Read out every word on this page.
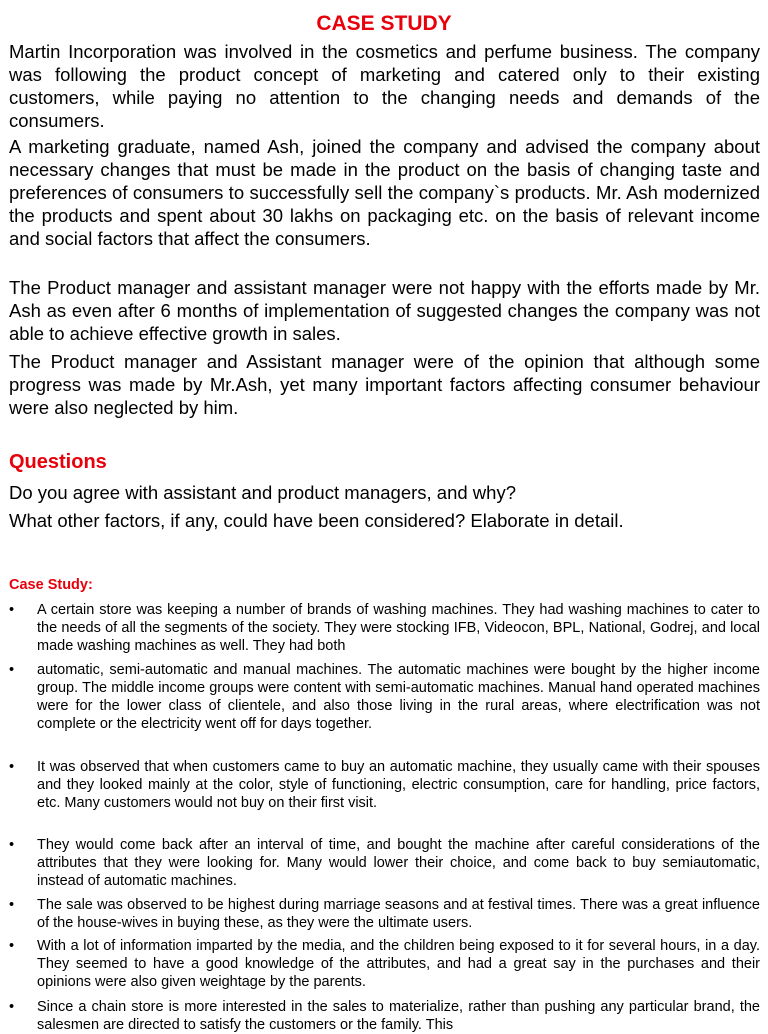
CASE STUDY
Martin Incorporation was involved in the cosmetics and perfume business. The company was following the product concept of marketing and catered only to their existing customers, while paying no attention to the changing needs and demands of the consumers.
A marketing graduate, named Ash, joined the company and advised the company about necessary changes that must be made in the product on the basis of changing taste and preferences of consumers to successfully sell the company`s products. Mr. Ash modernized the products and spent about 30 lakhs on packaging etc. on the basis of relevant income and social factors that affect the consumers.
The Product manager and assistant manager were not happy with the efforts made by Mr. Ash as even after 6 months of implementation of suggested changes the company was not able to achieve effective growth in sales.
The Product manager and Assistant manager were of the opinion that although some progress was made by Mr.Ash, yet many important factors affecting consumer behaviour were also neglected by him.
Questions
Do you agree with assistant and product managers, and why?
What other factors, if any, could have been considered? Elaborate in detail.
Case Study:
•	A certain store was keeping a number of brands of washing machines. They had washing machines to cater to the needs of all the segments of the society. They were stocking IFB, Videocon, BPL, National, Godrej, and local made washing machines as well. They had both
•	automatic, semi-automatic and manual machines. The automatic machines were bought by the higher income group. The middle income groups were content with semi-automatic machines. Manual hand operated machines were for the lower class of clientele, and also those living in the rural areas, where electrification was not complete or the electricity went off for days together.
•	It was observed that when customers came to buy an automatic machine, they usually came with their spouses and they looked mainly at the color, style of functioning, electric consumption, care for handling, price factors, etc. Many customers would not buy on their first visit.
•	They would come back after an interval of time, and bought the machine after careful considerations of the attributes that they were looking for. Many would lower their choice, and come back to buy semiautomatic, instead of automatic machines.
•	The sale was observed to be highest during marriage seasons and at festival times. There was a great influence of the house-wives in buying these, as they were the ultimate users.
•	With a lot of information imparted by the media, and the children being exposed to it for several hours, in a day. They seemed to have a good knowledge of the attributes, and had a great say in the purchases and their opinions were also given weightage by the parents.
•	Since a chain store is more interested in the sales to materialize, rather than pushing any particular brand, the salesmen are directed to satisfy the customers or the family. This
